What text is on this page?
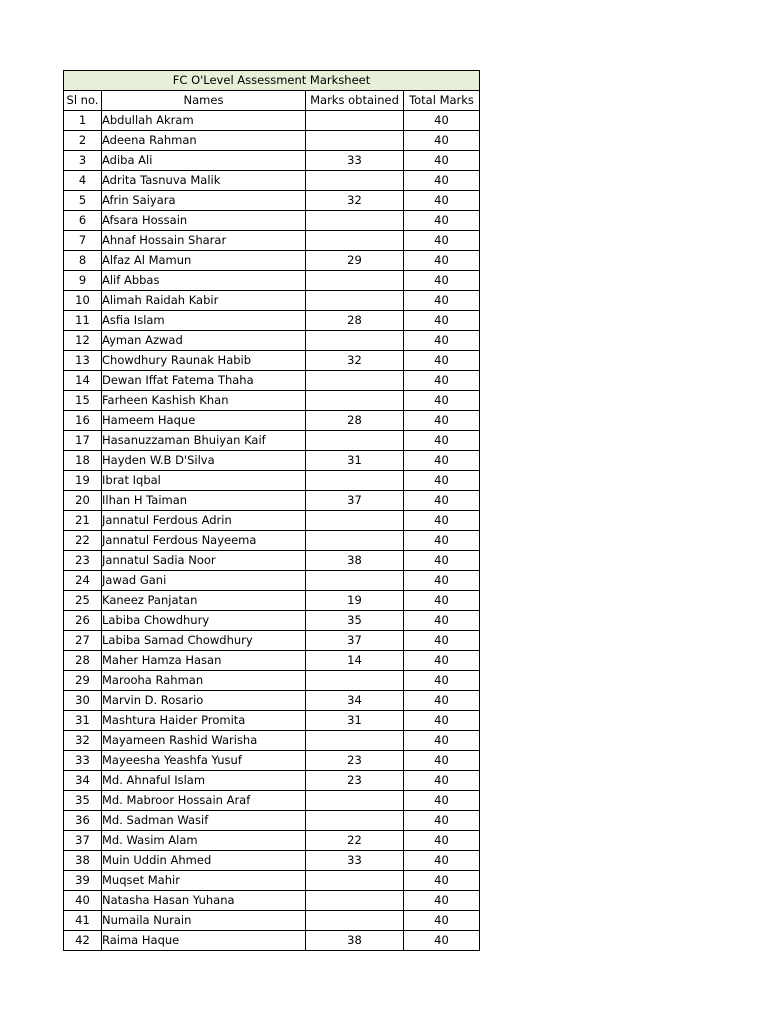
FC O'Level Assessment Marksheet			
Sl no.	Names	Marks obtained	Total Marks
1	Abdullah Akram		40
2	Adeena Rahman		40
3	Adiba Ali	33	40
4	Adrita Tasnuva Malik		40
5	Afrin Saiyara	32	40
6	Afsara Hossain		40
7	Ahnaf Hossain Sharar		40
8	Alfaz Al Mamun	29	40
9	Alif Abbas		40
10	Alimah Raidah Kabir		40
11	Asfia Islam	28	40
12	Ayman Azwad		40
13	Chowdhury Raunak Habib	32	40
14	Dewan Iffat Fatema Thaha		40
15	Farheen Kashish Khan		40
16	Hameem Haque	28	40
17	Hasanuzzaman Bhuiyan Kaif		40
18	Hayden W.B D'Silva	31	40
19	Ibrat Iqbal		40
20	Ilhan H Taiman	37	40
21	Jannatul Ferdous Adrin		40
22	Jannatul Ferdous Nayeema		40
23	Jannatul Sadia Noor	38	40
24	Jawad Gani		40
25	Kaneez Panjatan	19	40
26	Labiba Chowdhury	35	40
27	Labiba Samad Chowdhury	37	40
28	Maher Hamza Hasan	14	40
29	Marooha Rahman		40
30	Marvin D. Rosario	34	40
31	Mashtura Haider Promita	31	40
32	Mayameen Rashid Warisha		40
33	Mayeesha Yeashfa Yusuf	23	40
34	Md. Ahnaful Islam	23	40
35	Md. Mabroor Hossain Araf		40
36	Md. Sadman Wasif		40
37	Md. Wasim Alam	22	40
38	Muin Uddin Ahmed	33	40
39	Muqset Mahir		40
40	Natasha Hasan Yuhana		40
41	Numaila Nurain		40
42	Raima Haque	38	40
